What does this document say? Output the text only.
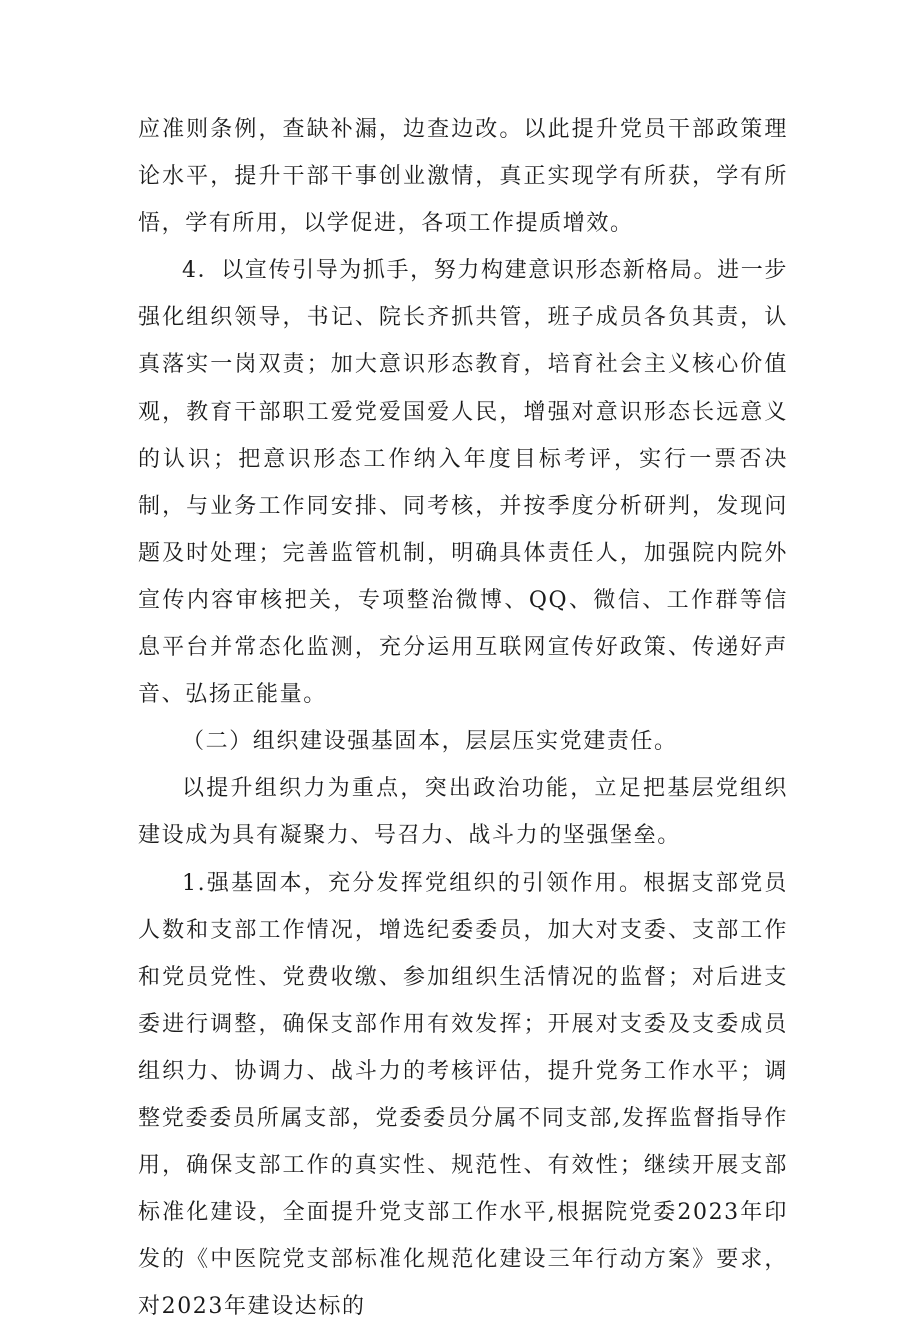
应准则条例，查缺补漏，边查边改。以此提升党员干部政策理论水平，提升干部干事创业激情，真正实现学有所获，学有所悟，学有所用，以学促进，各项工作提质增效。

4．以宣传引导为抓手，努力构建意识形态新格局。进一步强化组织领导，书记、院长齐抓共管，班子成员各负其责，认真落实一岗双责；加大意识形态教育，培育社会主义核心价值观，教育干部职工爱党爱国爱人民，增强对意识形态长远意义的认识；把意识形态工作纳入年度目标考评，实行一票否决制，与业务工作同安排、同考核，并按季度分析研判，发现问题及时处理；完善监管机制，明确具体责任人，加强院内院外宣传内容审核把关，专项整治微博、QQ、微信、工作群等信息平台并常态化监测，充分运用互联网宣传好政策、传递好声音、弘扬正能量。

（二）组织建设强基固本，层层压实党建责任。

以提升组织力为重点，突出政治功能，立足把基层党组织建设成为具有凝聚力、号召力、战斗力的坚强堡垒。

1.强基固本，充分发挥党组织的引领作用。根据支部党员人数和支部工作情况，增选纪委委员，加大对支委、支部工作和党员党性、党费收缴、参加组织生活情况的监督；对后进支委进行调整，确保支部作用有效发挥；开展对支委及支委成员组织力、协调力、战斗力的考核评估，提升党务工作水平；调整党委委员所属支部，党委委员分属不同支部,发挥监督指导作用，确保支部工作的真实性、规范性、有效性；继续开展支部标准化建设，全面提升党支部工作水平,根据院党委2023年印发的《中医院党支部标准化规范化建设三年行动方案》要求，对2023年建设达标的
